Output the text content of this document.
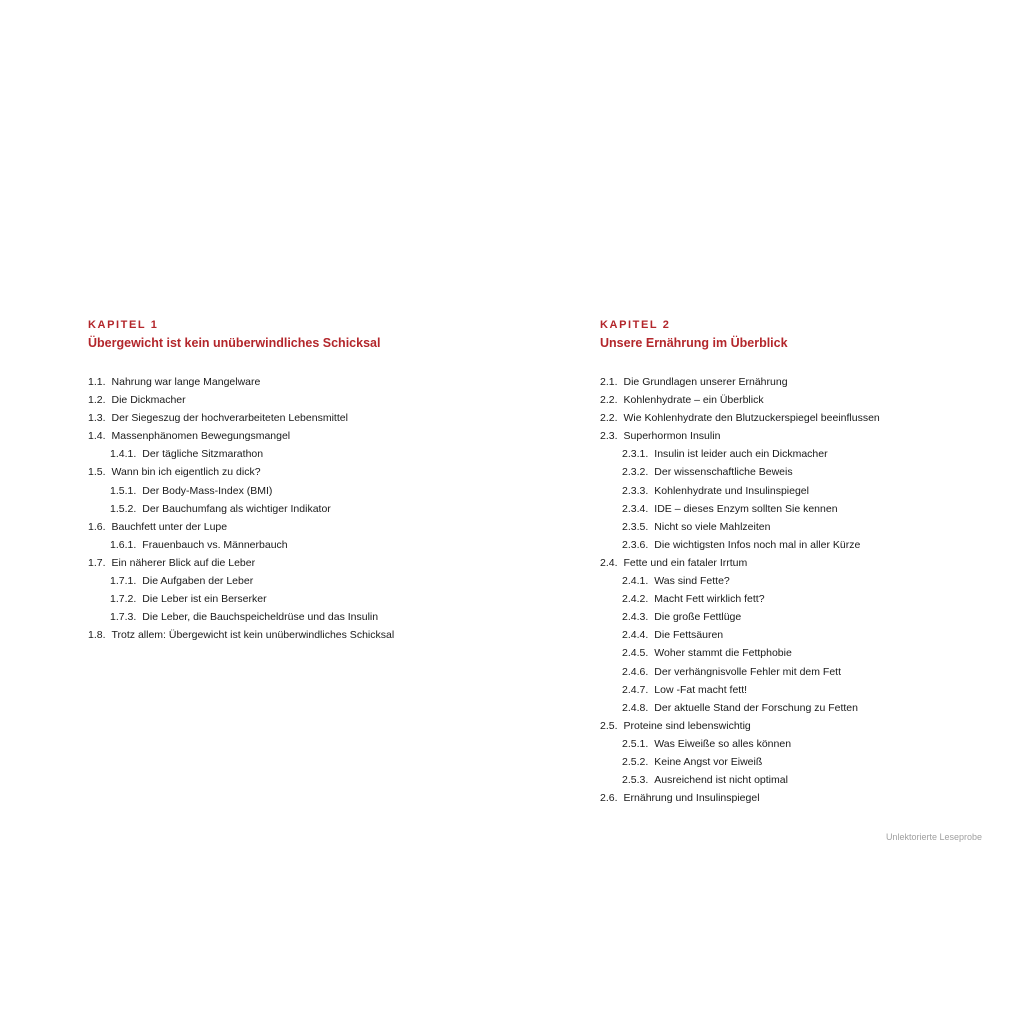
KAPITEL 1
Übergewicht ist kein unüberwindliches Schicksal
1.1. Nahrung war lange Mangelware
1.2. Die Dickmacher
1.3. Der Siegeszug der hochverarbeiteten Lebensmittel
1.4. Massenphänomen Bewegungsmangel
1.4.1. Der tägliche Sitzmarathon
1.5. Wann bin ich eigentlich zu dick?
1.5.1. Der Body-Mass-Index (BMI)
1.5.2. Der Bauchumfang als wichtiger Indikator
1.6. Bauchfett unter der Lupe
1.6.1. Frauenbauch vs. Männerbauch
1.7. Ein näherer Blick auf die Leber
1.7.1. Die Aufgaben der Leber
1.7.2. Die Leber ist ein Berserker
1.7.3. Die Leber, die Bauchspeicheldrüse und das Insulin
1.8. Trotz allem: Übergewicht ist kein unüberwindliches Schicksal
KAPITEL 2
Unsere Ernährung im Überblick
2.1. Die Grundlagen unserer Ernährung
2.2. Kohlenhydrate – ein Überblick
2.2. Wie Kohlenhydrate den Blutzuckerspiegel beeinflussen
2.3. Superhormon Insulin
2.3.1. Insulin ist leider auch ein Dickmacher
2.3.2. Der wissenschaftliche Beweis
2.3.3. Kohlenhydrate und Insulinspiegel
2.3.4. IDE – dieses Enzym sollten Sie kennen
2.3.5. Nicht so viele Mahlzeiten
2.3.6. Die wichtigsten Infos noch mal in aller Kürze
2.4. Fette und ein fataler Irrtum
2.4.1. Was sind Fette?
2.4.2. Macht Fett wirklich fett?
2.4.3. Die große Fettlüge
2.4.4. Die Fettsäuren
2.4.5. Woher stammt die Fettphobie
2.4.6. Der verhängnisvolle Fehler mit dem Fett
2.4.7. Low -Fat macht fett!
2.4.8. Der aktuelle Stand der Forschung zu Fetten
2.5. Proteine sind lebenswichtig
2.5.1. Was Eiweiße so alles können
2.5.2. Keine Angst vor Eiweiß
2.5.3. Ausreichend ist nicht optimal
2.6. Ernährung und Insulinspiegel
Unlektorierte Leseprobe
